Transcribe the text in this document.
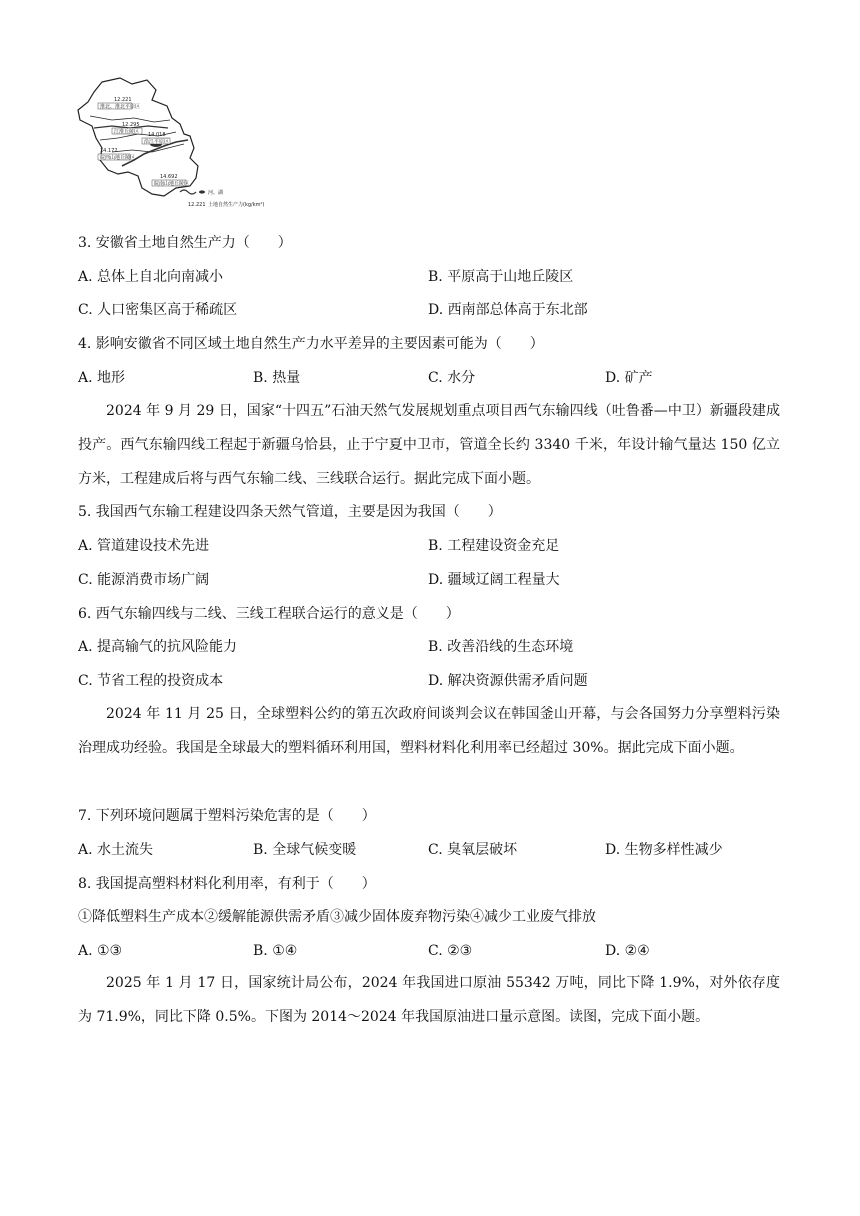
12.221
淮北、淮北平原区
12.295
江淮丘陵区 14.018
沿江平原区
14.172
皖西山地丘陵区
14.692
皖南山地丘陵区
河、湖
12.221 土地自然生产力(kg/km²)
3. 安徽省土地自然生产力（　　）
A. 总体上自北向南减小	B. 平原高于山地丘陵区
C. 人口密集区高于稀疏区	D. 西南部总体高于东北部
4. 影响安徽省不同区域土地自然生产力水平差异的主要因素可能为（　　）
A. 地形	B. 热量	C. 水分	D. 矿产
2024 年 9 月 29 日，国家“十四五”石油天然气发展规划重点项目西气东输四线（吐鲁番—中卫）新疆段建成投产。西气东输四线工程起于新疆乌恰县，止于宁夏中卫市，管道全长约 3340 千米，年设计输气量达 150 亿立方米，工程建成后将与西气东输二线、三线联合运行。据此完成下面小题。
5. 我国西气东输工程建设四条天然气管道，主要是因为我国（　　）
A. 管道建设技术先进	B. 工程建设资金充足
C. 能源消费市场广阔	D. 疆域辽阔工程量大
6. 西气东输四线与二线、三线工程联合运行的意义是（　　）
A. 提高输气的抗风险能力	B. 改善沿线的生态环境
C. 节省工程的投资成本	D. 解决资源供需矛盾问题
2024 年 11 月 25 日，全球塑料公约的第五次政府间谈判会议在韩国釜山开幕，与会各国努力分享塑料污染治理成功经验。我国是全球最大的塑料循环利用国，塑料材料化利用率已经超过 30%。据此完成下面小题。
7. 下列环境问题属于塑料污染危害的是（　　）
A. 水土流失	B. 全球气候变暖	C. 臭氧层破坏	D. 生物多样性减少
8. 我国提高塑料材料化利用率，有利于（　　）
①降低塑料生产成本②缓解能源供需矛盾③减少固体废弃物污染④减少工业废气排放
A. ①③	B. ①④	C. ②③	D. ②④
2025 年 1 月 17 日，国家统计局公布，2024 年我国进口原油 55342 万吨，同比下降 1.9%，对外依存度为 71.9%，同比下降 0.5%。下图为 2014～2024 年我国原油进口量示意图。读图，完成下面小题。
